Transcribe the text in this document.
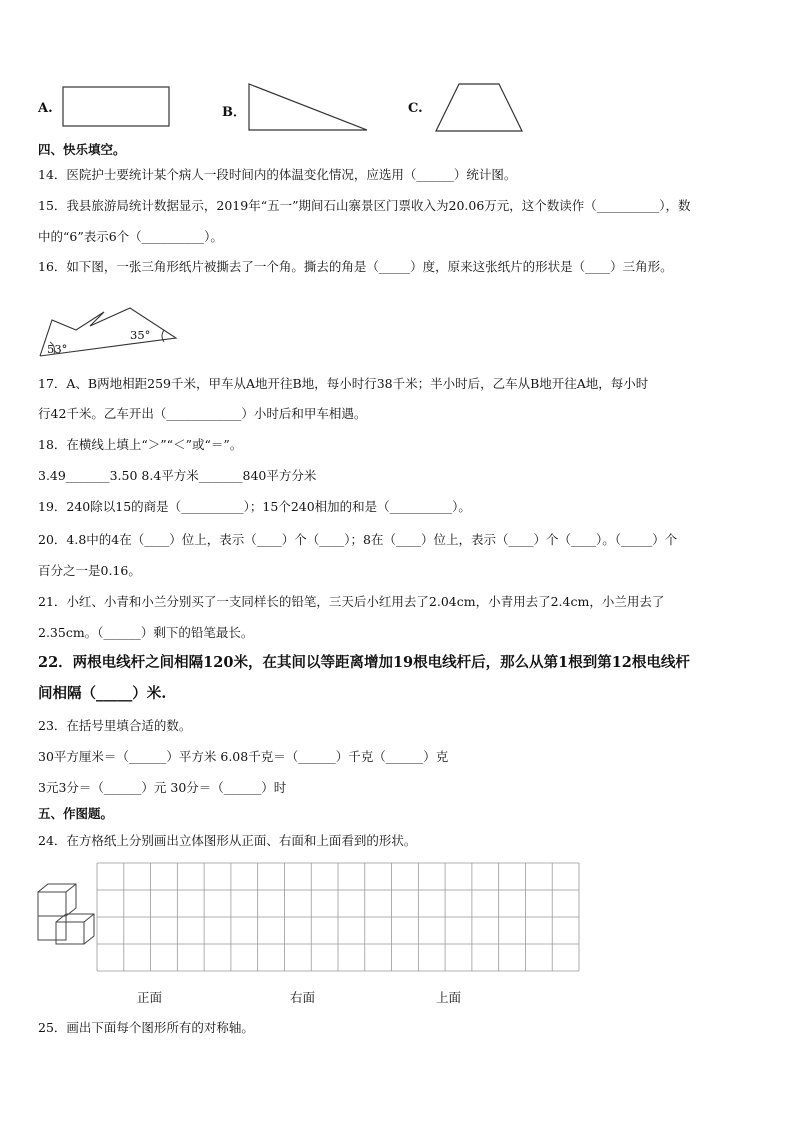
A.	B．	C.
四、快乐填空。
14．医院护士要统计某个病人一段时间内的体温变化情况，应选用（______）统计图。
15．我县旅游局统计数据显示，2019年“五一”期间石山寨景区门票收入为20.06万元，这个数读作（__________），数
中的“6”表示6个（__________）。
16．如下图，一张三角形纸片被撕去了一个角。撕去的角是（_____）度，原来这张纸片的形状是（____）三角形。
53°
35°
17．A、B两地相距259千米，甲车从A地开往B地，每小时行38千米；半小时后，乙车从B地开往A地，每小时
行42千米。乙车开出（____________）小时后和甲车相遇。
18．在横线上填上“＞”“＜”或“＝”。
3.49_______3.50 8.4平方米_______840平方分米
19．240除以15的商是（__________）；15个240相加的和是（__________）。
20．4.8中的4在（____）位上，表示（____）个（____）；8在（____）位上，表示（____）个（____）。（_____）个
百分之一是0.16。
21．小红、小青和小兰分别买了一支同样长的铅笔，三天后小红用去了2.04cm，小青用去了2.4cm，小兰用去了
2.35cm。（______）剩下的铅笔最长。
22．两根电线杆之间相隔120米，在其间以等距离增加19根电线杆后，那么从第1根到第12根电线杆
间相隔（_____）米.
23．在括号里填合适的数。
30平方厘米＝（______）平方米 6.08千克＝（______）千克（______）克
3元3分＝（______）元 30分＝（______）时
五、作图题。
24．在方格纸上分别画出立体图形从正面、右面和上面看到的形状。
正面	右面	上面
25．画出下面每个图形所有的对称轴。
